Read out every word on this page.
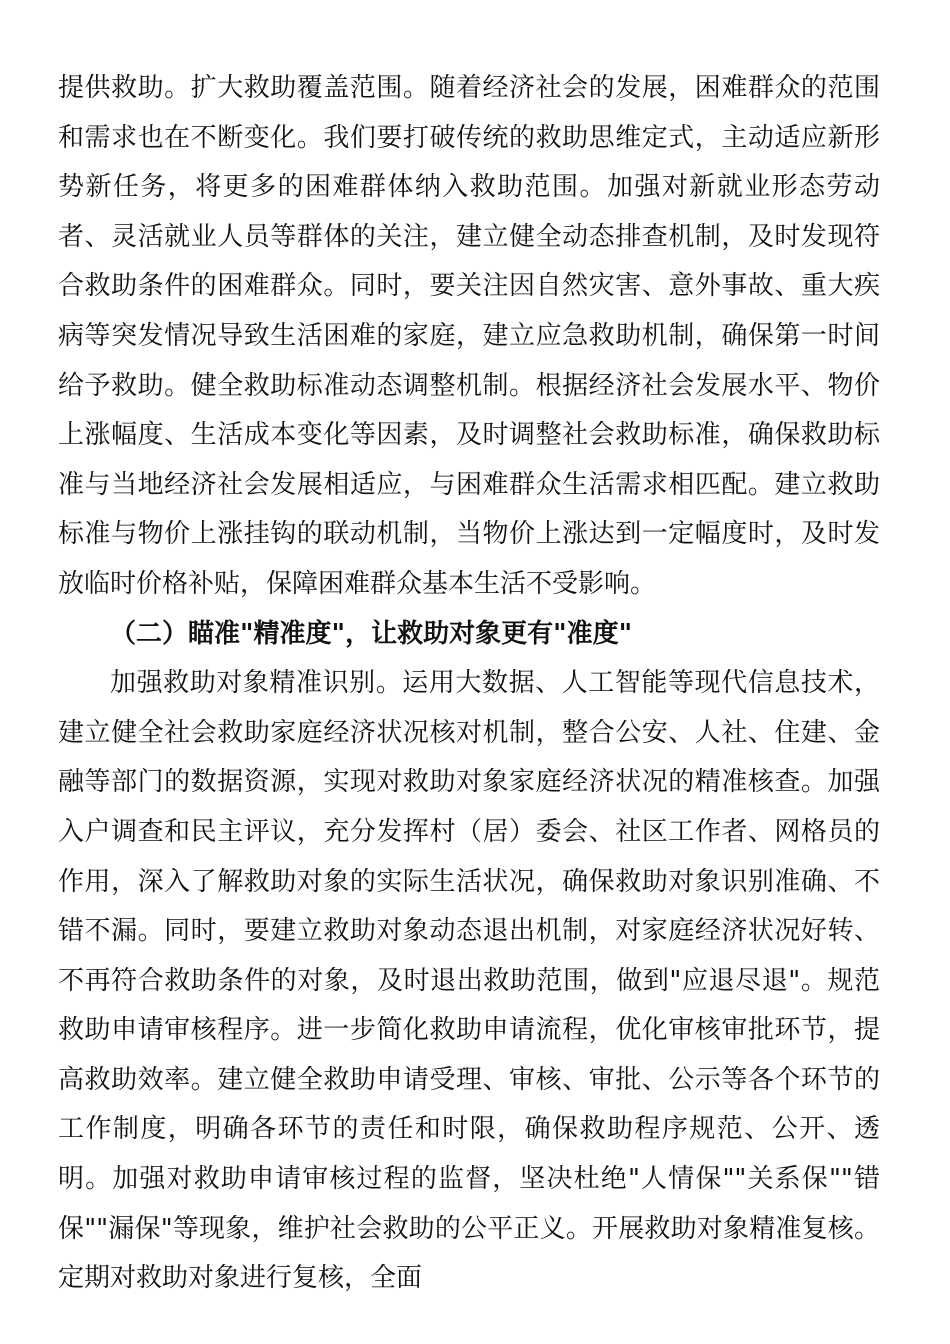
提供救助。扩大救助覆盖范围。随着经济社会的发展，困难群众的范围和需求也在不断变化。我们要打破传统的救助思维定式，主动适应新形势新任务，将更多的困难群体纳入救助范围。加强对新就业形态劳动者、灵活就业人员等群体的关注，建立健全动态排查机制，及时发现符合救助条件的困难群众。同时，要关注因自然灾害、意外事故、重大疾病等突发情况导致生活困难的家庭，建立应急救助机制，确保第一时间给予救助。健全救助标准动态调整机制。根据经济社会发展水平、物价上涨幅度、生活成本变化等因素，及时调整社会救助标准，确保救助标准与当地经济社会发展相适应，与困难群众生活需求相匹配。建立救助标准与物价上涨挂钩的联动机制，当物价上涨达到一定幅度时，及时发放临时价格补贴，保障困难群众基本生活不受影响。

（二）瞄准"精准度"，让救助对象更有"准度"

加强救助对象精准识别。运用大数据、人工智能等现代信息技术，建立健全社会救助家庭经济状况核对机制，整合公安、人社、住建、金融等部门的数据资源，实现对救助对象家庭经济状况的精准核查。加强入户调查和民主评议，充分发挥村（居）委会、社区工作者、网格员的作用，深入了解救助对象的实际生活状况，确保救助对象识别准确、不错不漏。同时，要建立救助对象动态退出机制，对家庭经济状况好转、不再符合救助条件的对象，及时退出救助范围，做到"应退尽退"。规范救助申请审核程序。进一步简化救助申请流程，优化审核审批环节，提高救助效率。建立健全救助申请受理、审核、审批、公示等各个环节的工作制度，明确各环节的责任和时限，确保救助程序规范、公开、透明。加强对救助申请审核过程的监督，坚决杜绝"人情保""关系保""错保""漏保"等现象，维护社会救助的公平正义。开展救助对象精准复核。定期对救助对象进行复核，全面
